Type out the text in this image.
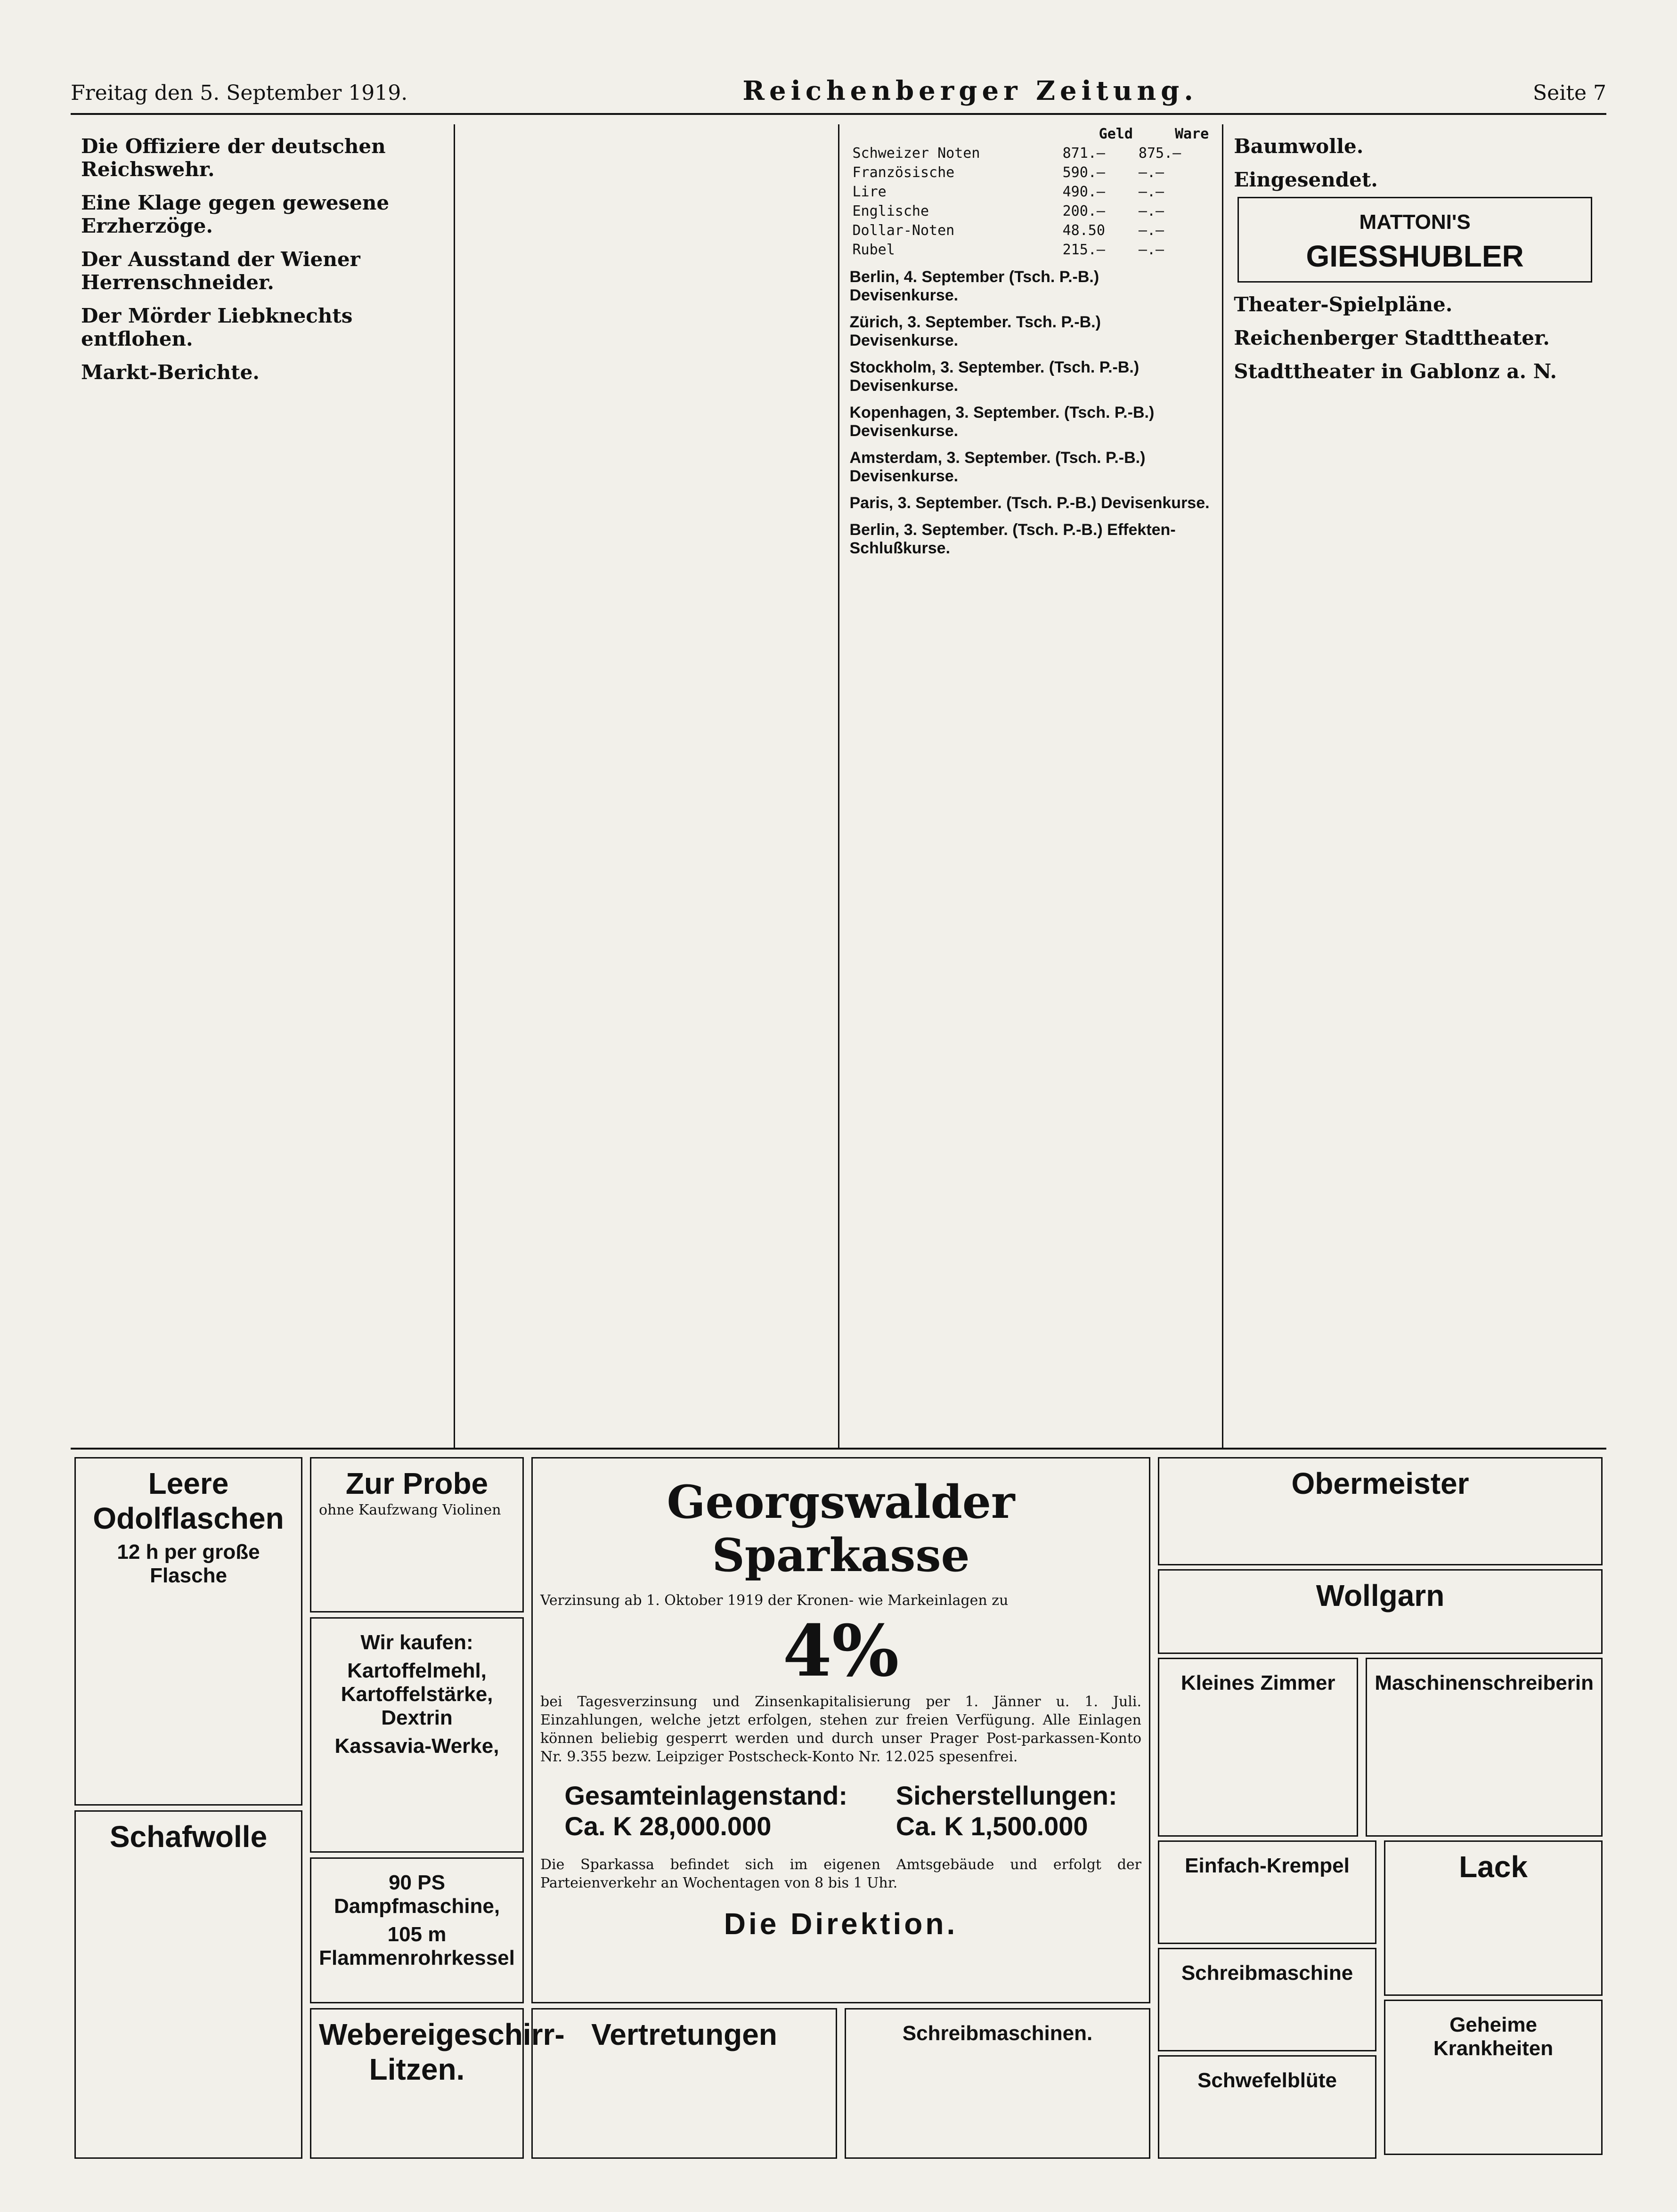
Freitag den 5. September 1919.	Reichenberger Zeitung.	Seite 7
Die Offiziere der deutschen Reichswehr.
Eine Klage gegen gewesene Erzherzöge.
Der Ausstand der Wiener Herrenschneider.
Der Mörder Liebknechts entflohen.
Markt-Berichte.
	Geld	Ware
Schweizer Noten	871.—	875.—
Französische	590.—	—.—
Lire	490.—	—.—
Englische	200.—	—.—
Dollar-Noten	48.50	—.—
Rubel	215.—	—.—
Berlin, 4. September (Tsch. P.-B.) Devisenkurse.
Zürich, 3. September. Tsch. P.-B.) Devisenkurse.
Stockholm, 3. September. (Tsch. P.-B.) Devisenkurse.
Kopenhagen, 3. September. (Tsch. P.-B.) Devisenkurse.
Amsterdam, 3. September. (Tsch. P.-B.) Devisenkurse.
Paris, 3. September. (Tsch. P.-B.) Devisenkurse.
Berlin, 3. September. (Tsch. P.-B.) Effekten-Schlußkurse.
Baumwolle.
Eingesendet.
MATTONI'S
GIESSHUBLER
Theater-Spielpläne.
Reichenberger Stadttheater.
Stadttheater in Gablonz a. N.
Leere Odolflaschen
12 h per große Flasche
Schafwolle
Zur Probe
ohne Kaufzwang Violinen
Wir kaufen:
Kartoffelmehl, Kartoffelstärke, Dextrin
Kassavia-Werke,
90 PS Dampfmaschine,
105 m Flammenrohrkessel
Webereigeschirr-Litzen.
Georgswalder Sparkasse
Verzinsung ab 1. Oktober 1919 der Kronen- wie Markeinlagen zu
4%
bei Tagesverzinsung und Zinsenkapitalisierung per 1. Jänner u. 1. Juli. Einzahlungen, welche jetzt erfolgen, stehen zur freien Verfügung. Alle Einlagen können beliebig gesperrt werden und durch unser Prager Post-parkassen-Konto Nr. 9.355 bezw. Leipziger Postscheck-Konto Nr. 12.025 spesenfrei.
Gesamteinlagenstand:
Ca. K 28,000.000
Sicherstellungen:
Ca. K 1,500.000
Die Sparkassa befindet sich im eigenen Amtsgebäude und erfolgt der Parteienverkehr an Wochentagen von 8 bis 1 Uhr.
Die Direktion.
Vertretungen	Schreibmaschinen.
Obermeister
Wollgarn
Kleines Zimmer	Maschinenschreiberin
Einfach-Krempel
Schreibmaschine
Schwefelblüte
Lack
Geheime Krankheiten
